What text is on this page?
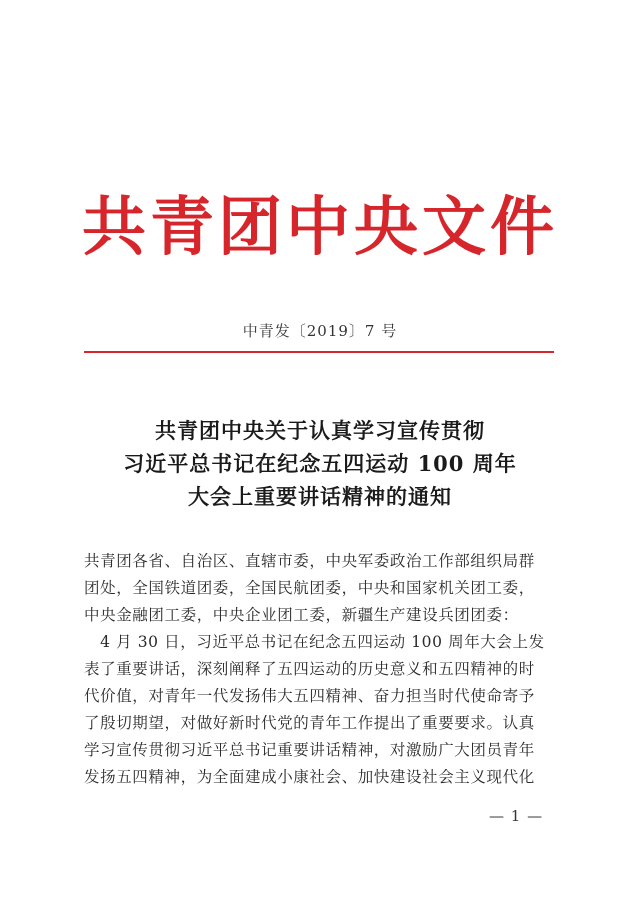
共青团中央文件
中青发〔2019〕7 号
共青团中央关于认真学习宣传贯彻
习近平总书记在纪念五四运动 100 周年
大会上重要讲话精神的通知
共青团各省、自治区、直辖市委，中央军委政治工作部组织局群
团处，全国铁道团委，全国民航团委，中央和国家机关团工委，
中央金融团工委，中央企业团工委，新疆生产建设兵团团委：
　4 月 30 日，习近平总书记在纪念五四运动 100 周年大会上发
表了重要讲话，深刻阐释了五四运动的历史意义和五四精神的时
代价值，对青年一代发扬伟大五四精神、奋力担当时代使命寄予
了殷切期望，对做好新时代党的青年工作提出了重要要求。认真
学习宣传贯彻习近平总书记重要讲话精神，对激励广大团员青年
发扬五四精神，为全面建成小康社会、加快建设社会主义现代化
— 1 —
